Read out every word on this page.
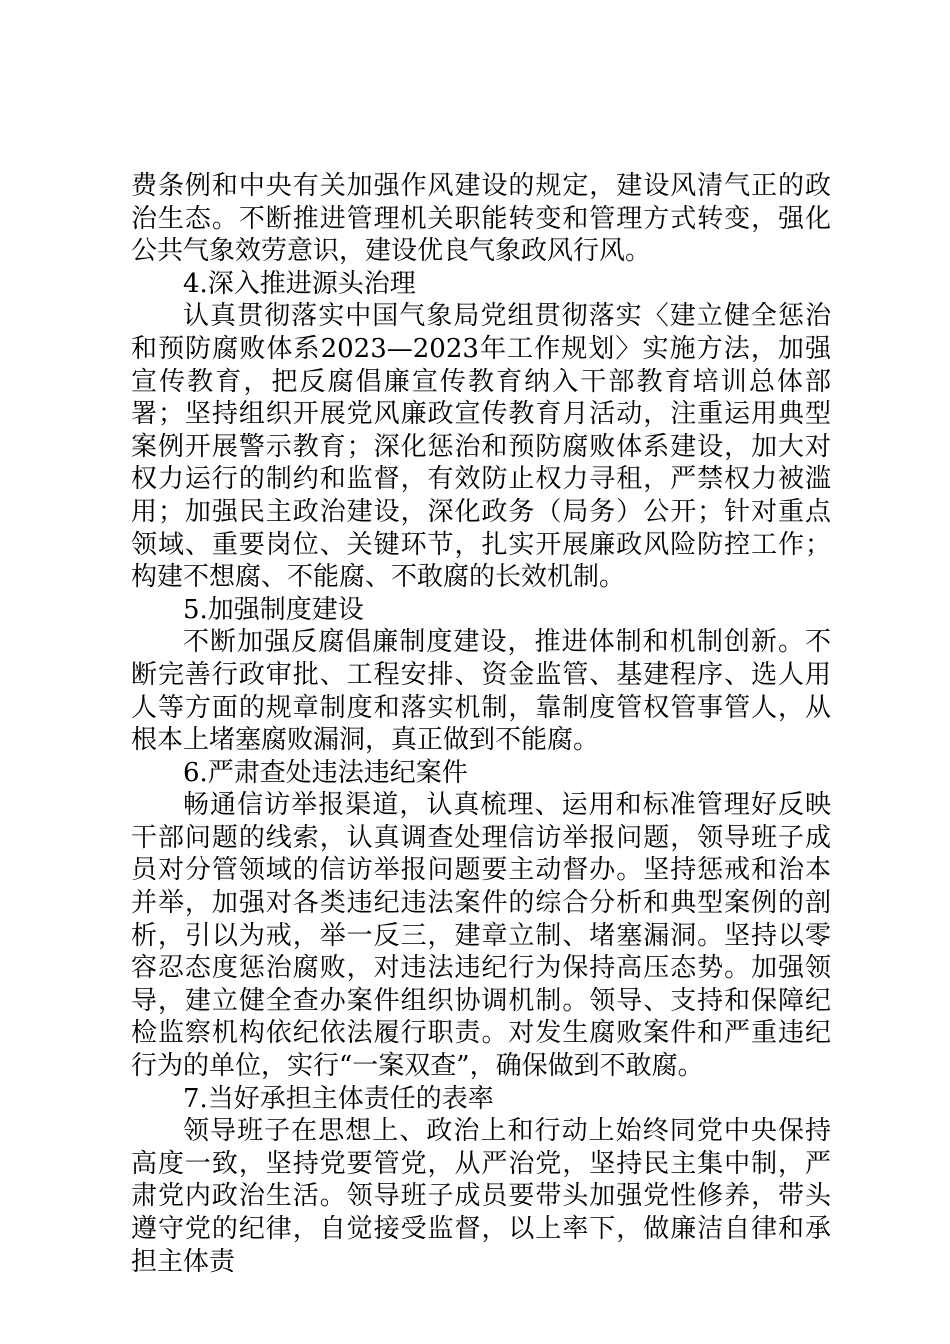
费条例和中央有关加强作风建设的规定，建设风清气正的政治生态。不断推进管理机关职能转变和管理方式转变，强化公共气象效劳意识，建设优良气象政风行风。

4.深入推进源头治理

认真贯彻落实中国气象局党组贯彻落实〈建立健全惩治和预防腐败体系2023—2023年工作规划〉实施方法，加强宣传教育，把反腐倡廉宣传教育纳入干部教育培训总体部署；坚持组织开展党风廉政宣传教育月活动，注重运用典型案例开展警示教育；深化惩治和预防腐败体系建设，加大对权力运行的制约和监督，有效防止权力寻租，严禁权力被滥用；加强民主政治建设，深化政务（局务）公开；针对重点领域、重要岗位、关键环节，扎实开展廉政风险防控工作；构建不想腐、不能腐、不敢腐的长效机制。

5.加强制度建设

不断加强反腐倡廉制度建设，推进体制和机制创新。不断完善行政审批、工程安排、资金监管、基建程序、选人用人等方面的规章制度和落实机制，靠制度管权管事管人，从根本上堵塞腐败漏洞，真正做到不能腐。

6.严肃查处违法违纪案件

畅通信访举报渠道，认真梳理、运用和标准管理好反映干部问题的线索，认真调查处理信访举报问题，领导班子成员对分管领域的信访举报问题要主动督办。坚持惩戒和治本并举，加强对各类违纪违法案件的综合分析和典型案例的剖析，引以为戒，举一反三，建章立制、堵塞漏洞。坚持以零容忍态度惩治腐败，对违法违纪行为保持高压态势。加强领导，建立健全查办案件组织协调机制。领导、支持和保障纪检监察机构依纪依法履行职责。对发生腐败案件和严重违纪行为的单位，实行“一案双查”，确保做到不敢腐。

7.当好承担主体责任的表率

领导班子在思想上、政治上和行动上始终同党中央保持高度一致，坚持党要管党，从严治党，坚持民主集中制，严肃党内政治生活。领导班子成员要带头加强党性修养，带头遵守党的纪律，自觉接受监督，以上率下，做廉洁自律和承担主体责
